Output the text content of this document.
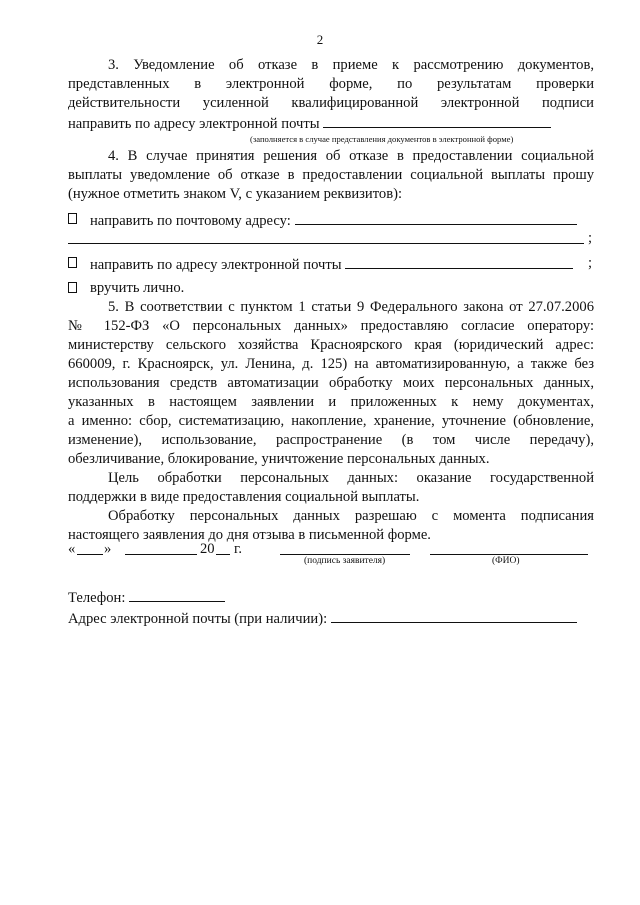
2

3. Уведомление об отказе в приеме к рассмотрению документов,

представленных в электронной форме, по результатам проверки

действительности усиленной квалифицированной электронной подписи

направить по адресу электронной почты

(заполняется в случае представления документов в электронной форме)

4. В случае принятия решения об отказе в предоставлении социальной

выплаты уведомление об отказе в предоставлении социальной выплаты прошу

(нужное отметить знаком V, с указанием реквизитов):

направить по почтовому адресу:
;
направить по адресу электронной почты	;
вручить лично.

5. В соответствии с пунктом 1 статьи 9 Федерального закона от 27.07.2006

№ 152-ФЗ «О персональных данных» предоставляю согласие оператору:

министерству сельского хозяйства Красноярского края (юридический адрес:

660009, г. Красноярск, ул. Ленина, д. 125) на автоматизированную, а также без

использования средств автоматизации обработку моих персональных данных,

указанных в настоящем заявлении и приложенных к нему документах,

а именно: сбор, систематизацию, накопление, хранение, уточнение (обновление,

изменение), использование, распространение (в том числе передачу),

обезличивание, блокирование, уничтожение персональных данных.

Цель обработки персональных данных: оказание государственной

поддержки в виде предоставления социальной выплаты.

Обработку персональных данных разрешаю с момента подписания

настоящего заявления до дня отзыва в письменной форме.

« »	20 г.
(подпись заявителя)	(ФИО)

Телефон:

Адрес электронной почты (при наличии):
